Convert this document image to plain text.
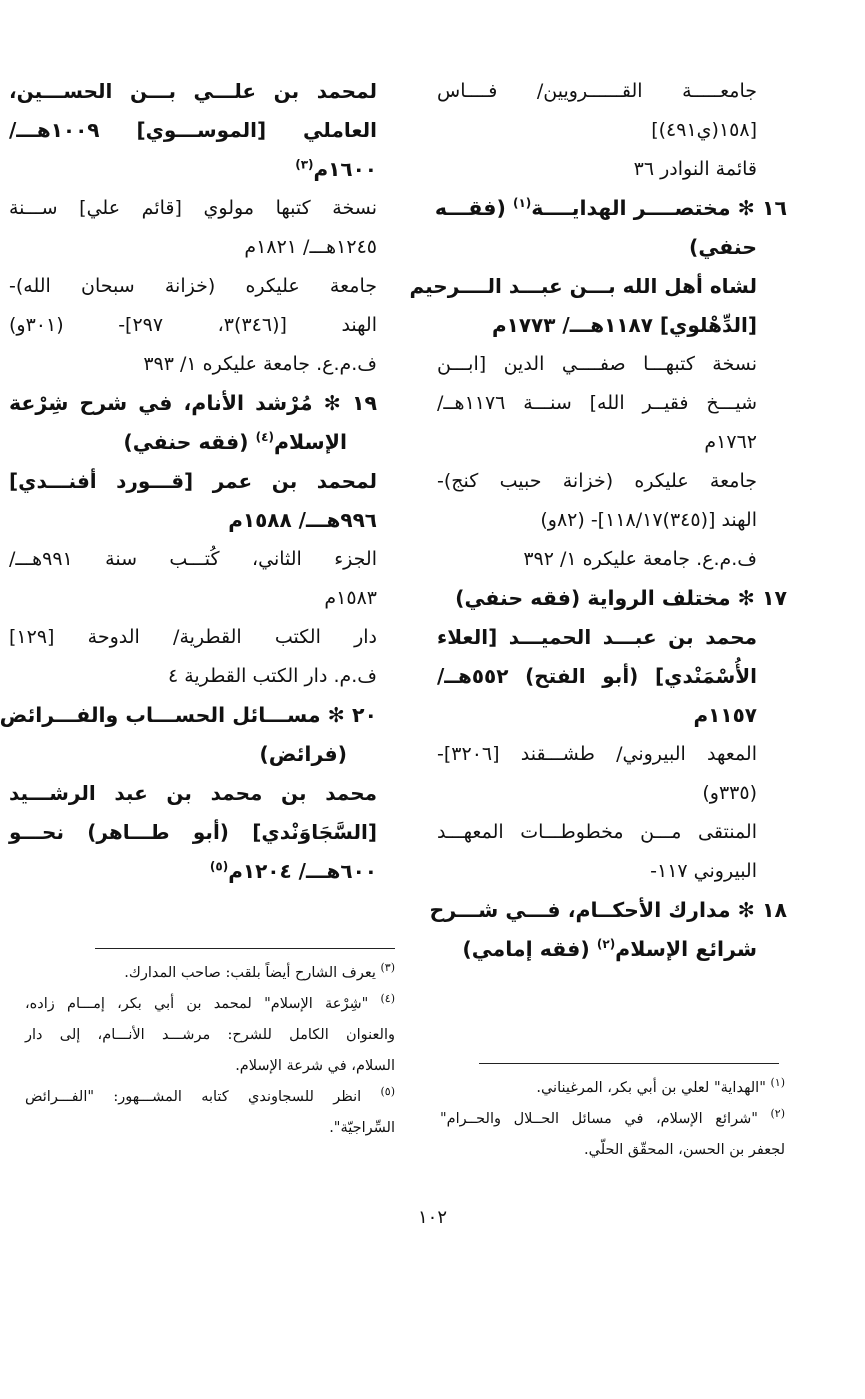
جامعـــــة القــــــرويين/ فــــاس
[١٥٨(ي٤٩١)]
قائمة النوادر ٣٦
١٦ ✻ مختصــــر الهدايــــة$^{(١)}$ (فقـــه
حنفي)
لشاه أهل الله بـــن عبـــد الــــرحيم
[الدِّهْلوي] ١١٨٧هـــ/ ١٧٧٣م
نسخة كتبهـــا صفــــي الدين [ابـــن
شيـــخ فقيــر الله] سنـــة ١١٧٦هــ/
١٧٦٢م
جامعة عليكره (خزانة حبيب كنج)-
الهند [(٣٤٥)١١٨/١٧]- (٨٢و)
ف.م.ع. جامعة عليكره ١/ ٣٩٢
١٧ ✻ مختلف الرواية (فقه حنفي)
محمد بن عبـــد الحميـــد [العلاء
الأُسْمَنْدي] (أبو الفتح) ٥٥٢هــ/
١١٥٧م
المعهد البيروني/ طشـــقند [٣٢٠٦]-
(٣٣٥و)
المنتقى مـــن مخطوطـــات المعهـــد
البيروني ١١٧-
١٨ ✻ مدارك الأحكــام، فـــي شـــرح
شرائع الإسلام$^{(٢)}$ (فقه إمامي)
لمحمد بن علـــي بـــن الحســـين،
العاملي [الموســـوي] ١٠٠٩هـــ/
١٦٠٠م$^{(٣)}$
نسخة كتبها مولوي [قائم علي] ســـنة
١٢٤٥هـــ/ ١٨٢١م
جامعة عليكره (خزانة سبحان الله)-
الهند [(٣٤٦)٣، ٢٩٧]- (٣٠١و)
ف.م.ع. جامعة عليكره ١/ ٣٩٣
١٩ ✻ مُرْشد الأنام، في شرح شِرْعة
الإسلام$^{(٤)}$ (فقه حنفي)
لمحمد بن عمر [قـــورد أفنـــدي]
٩٩٦هـــ/ ١٥٨٨م
الجزء الثاني، كُتـــب سنة ٩٩١هـــ/
١٥٨٣م
دار الكتب القطرية/ الدوحة [١٢٩]
ف.م. دار الكتب القطرية ٤
٢٠ ✻ مســـائل الحســـاب والفـــرائض
(فرائض)
محمد بن محمد بن عبد الرشـــيد
[السَّجَاوَنْدي] (أبو طـــاهر) نحـــو
٦٠٠هـــ/ ١٢٠٤م$^{(٥)}$
$^{(١)}$ "الهداية" لعلي بن أبي بكر، المرغيناني.
$^{(٢)}$ "شرائع الإسلام، في مسائل الحــلال والحــرام"
لجعفر بن الحسن، المحقّق الحلّي.
$^{(٣)}$ يعرف الشارح أيضاً بلقب: صاحب المدارك.
$^{(٤)}$ "شِرْعة الإسلام" لمحمد بن أبي بكر، إمـــام زاده،
والعنوان الكامل للشرح: مرشـــد الأنـــام، إلى دار
السلام، في شرعة الإسلام.
$^{(٥)}$ انظر للسجاوندي كتابه المشـــهور: "الفـــرائض
السِّراجيّة".
١٠٢
